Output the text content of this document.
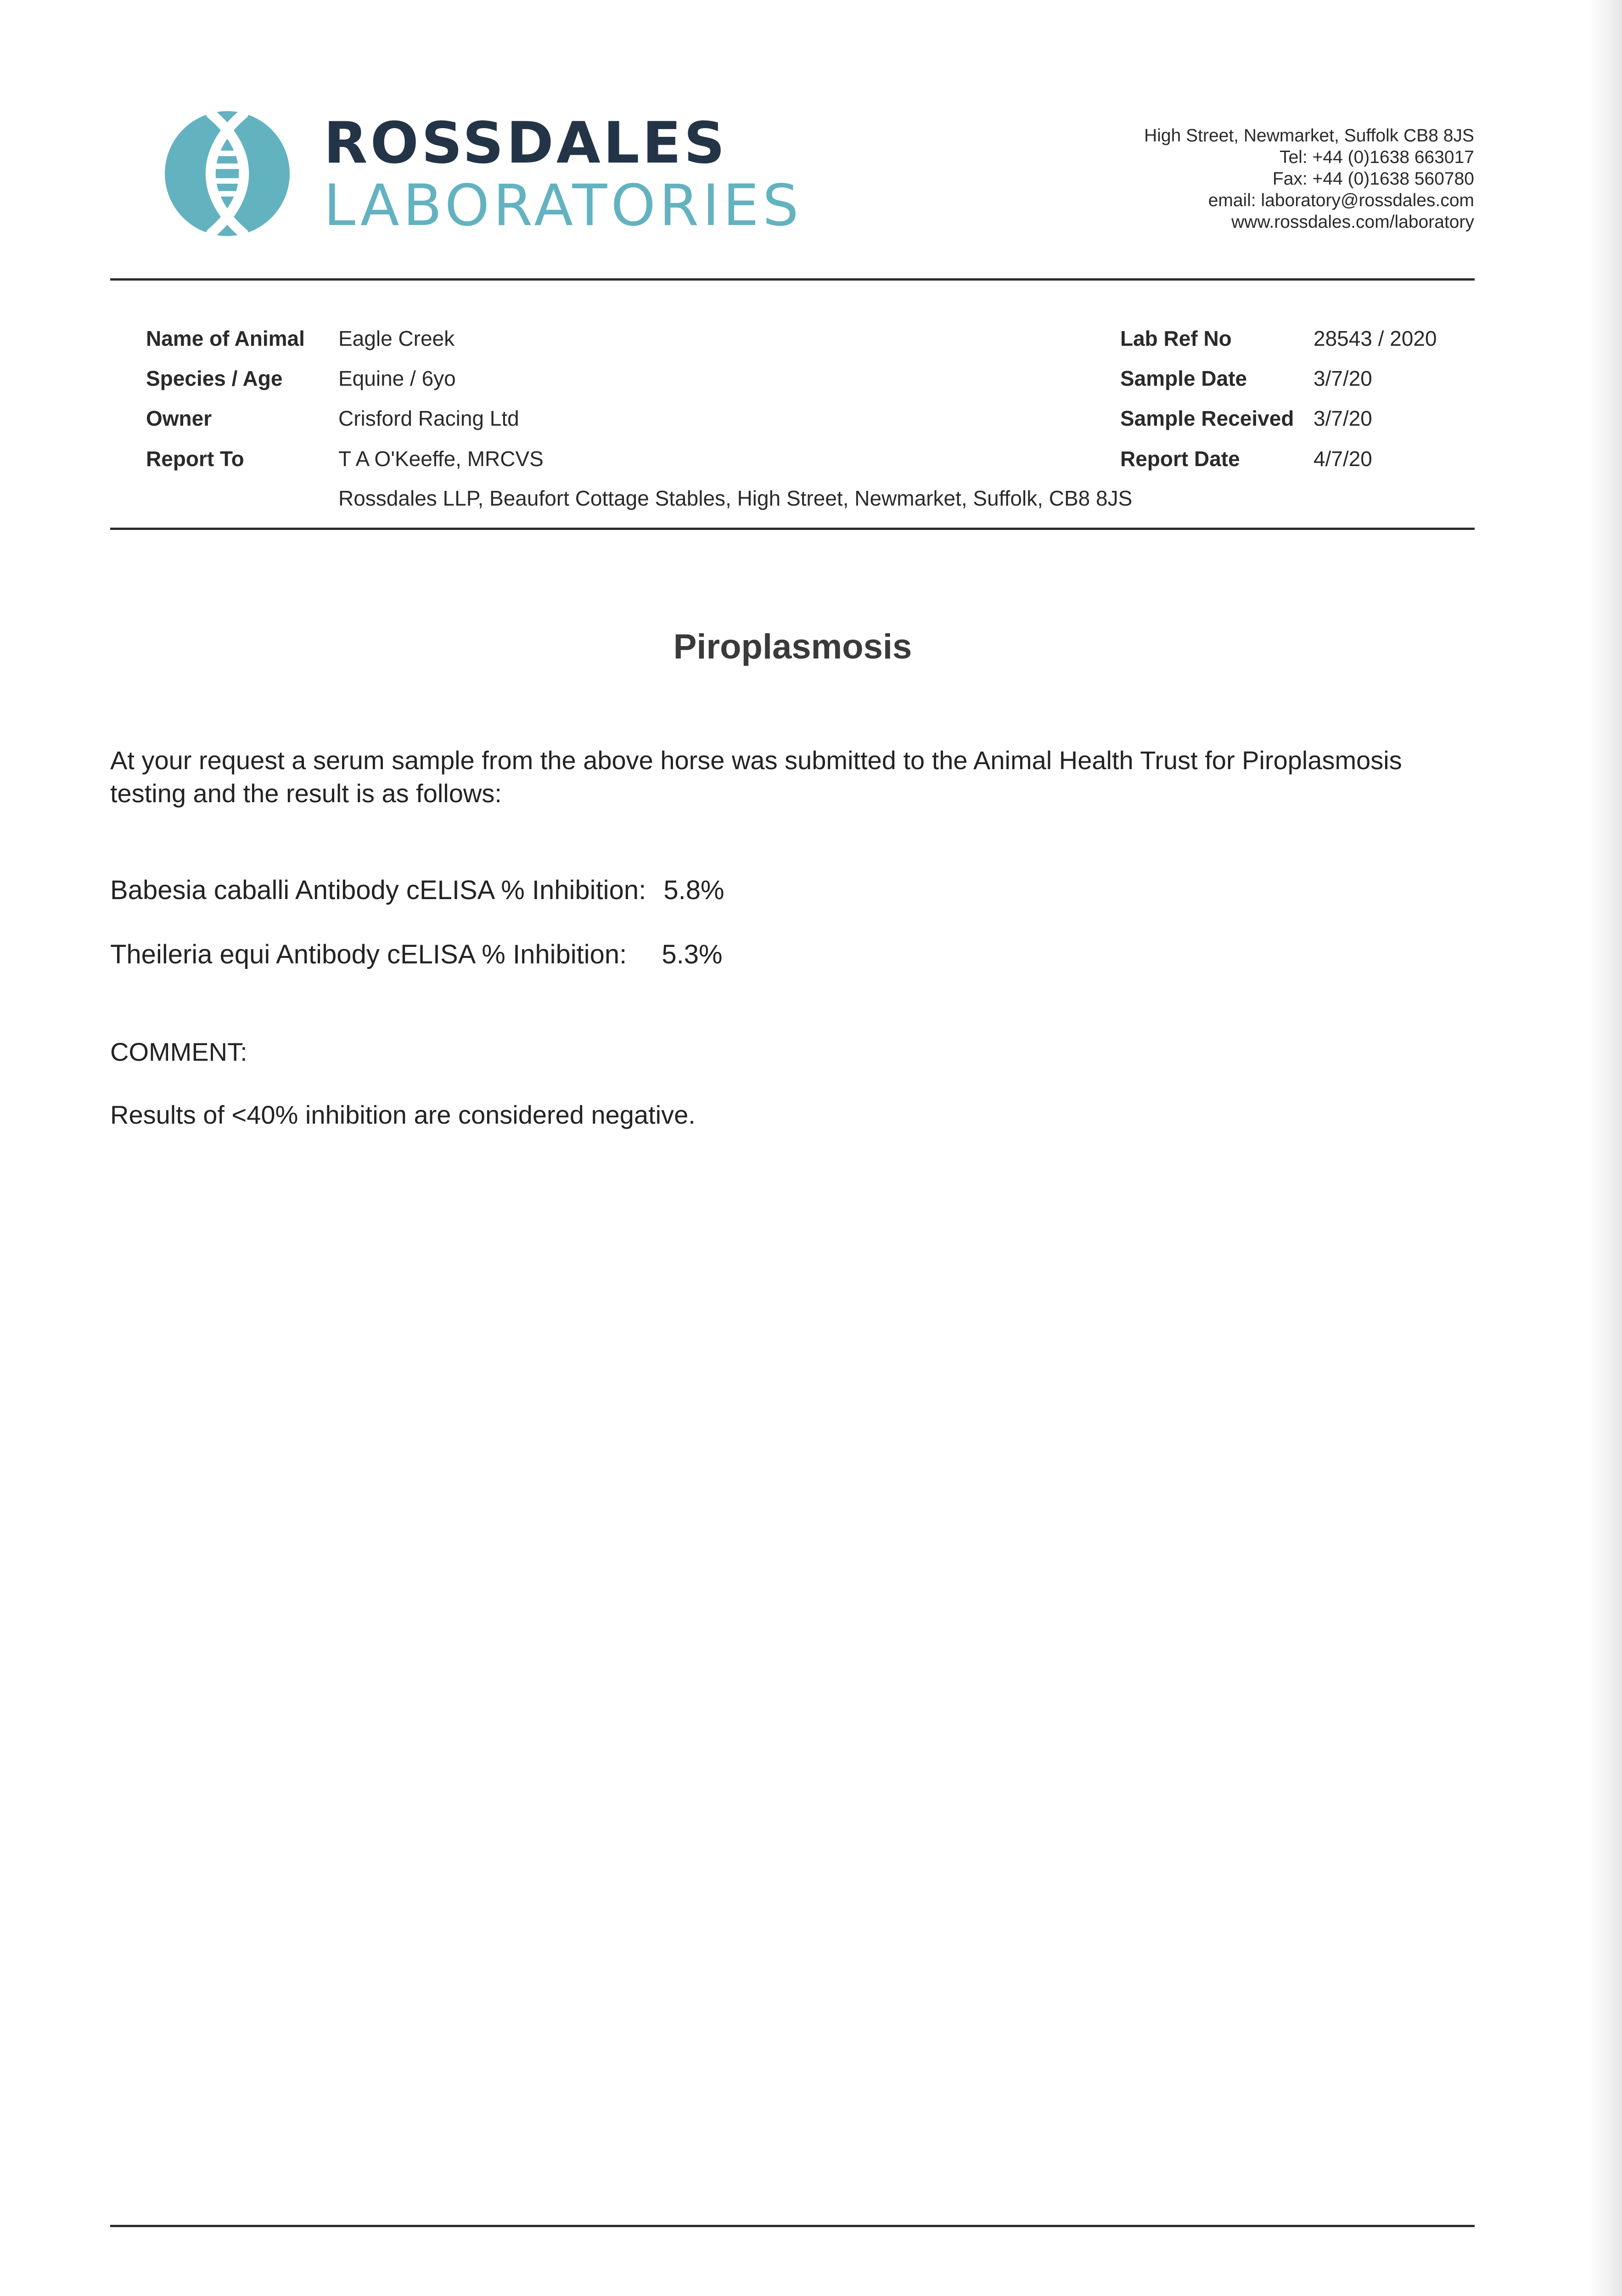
ROSSDALES
LABORATORIES
High Street, Newmarket, Suffolk CB8 8JS
Tel: +44 (0)1638 663017
Fax: +44 (0)1638 560780
email: laboratory@rossdales.com
www.rossdales.com/laboratory
Name of Animal Eagle Creek
Species / Age	Equine / 6yo
Owner	Crisford Racing Ltd
Report To	T A O'Keeffe, MRCVS
Rossdales LLP, Beaufort Cottage Stables, High Street, Newmarket, Suffolk, CB8 8JS
Lab Ref No	28543 / 2020
Sample Date	3/7/20
Sample Received 3/7/20
Report Date	4/7/20
Piroplasmosis
At your request a serum sample from the above horse was submitted to the Animal Health Trust for Piroplasmosis testing and the result is as follows:
Babesia caballi Antibody cELISA % Inhibition: 5.8%
Theileria equi Antibody cELISA % Inhibition: 5.3%
COMMENT:
Results of <40% inhibition are considered negative.
